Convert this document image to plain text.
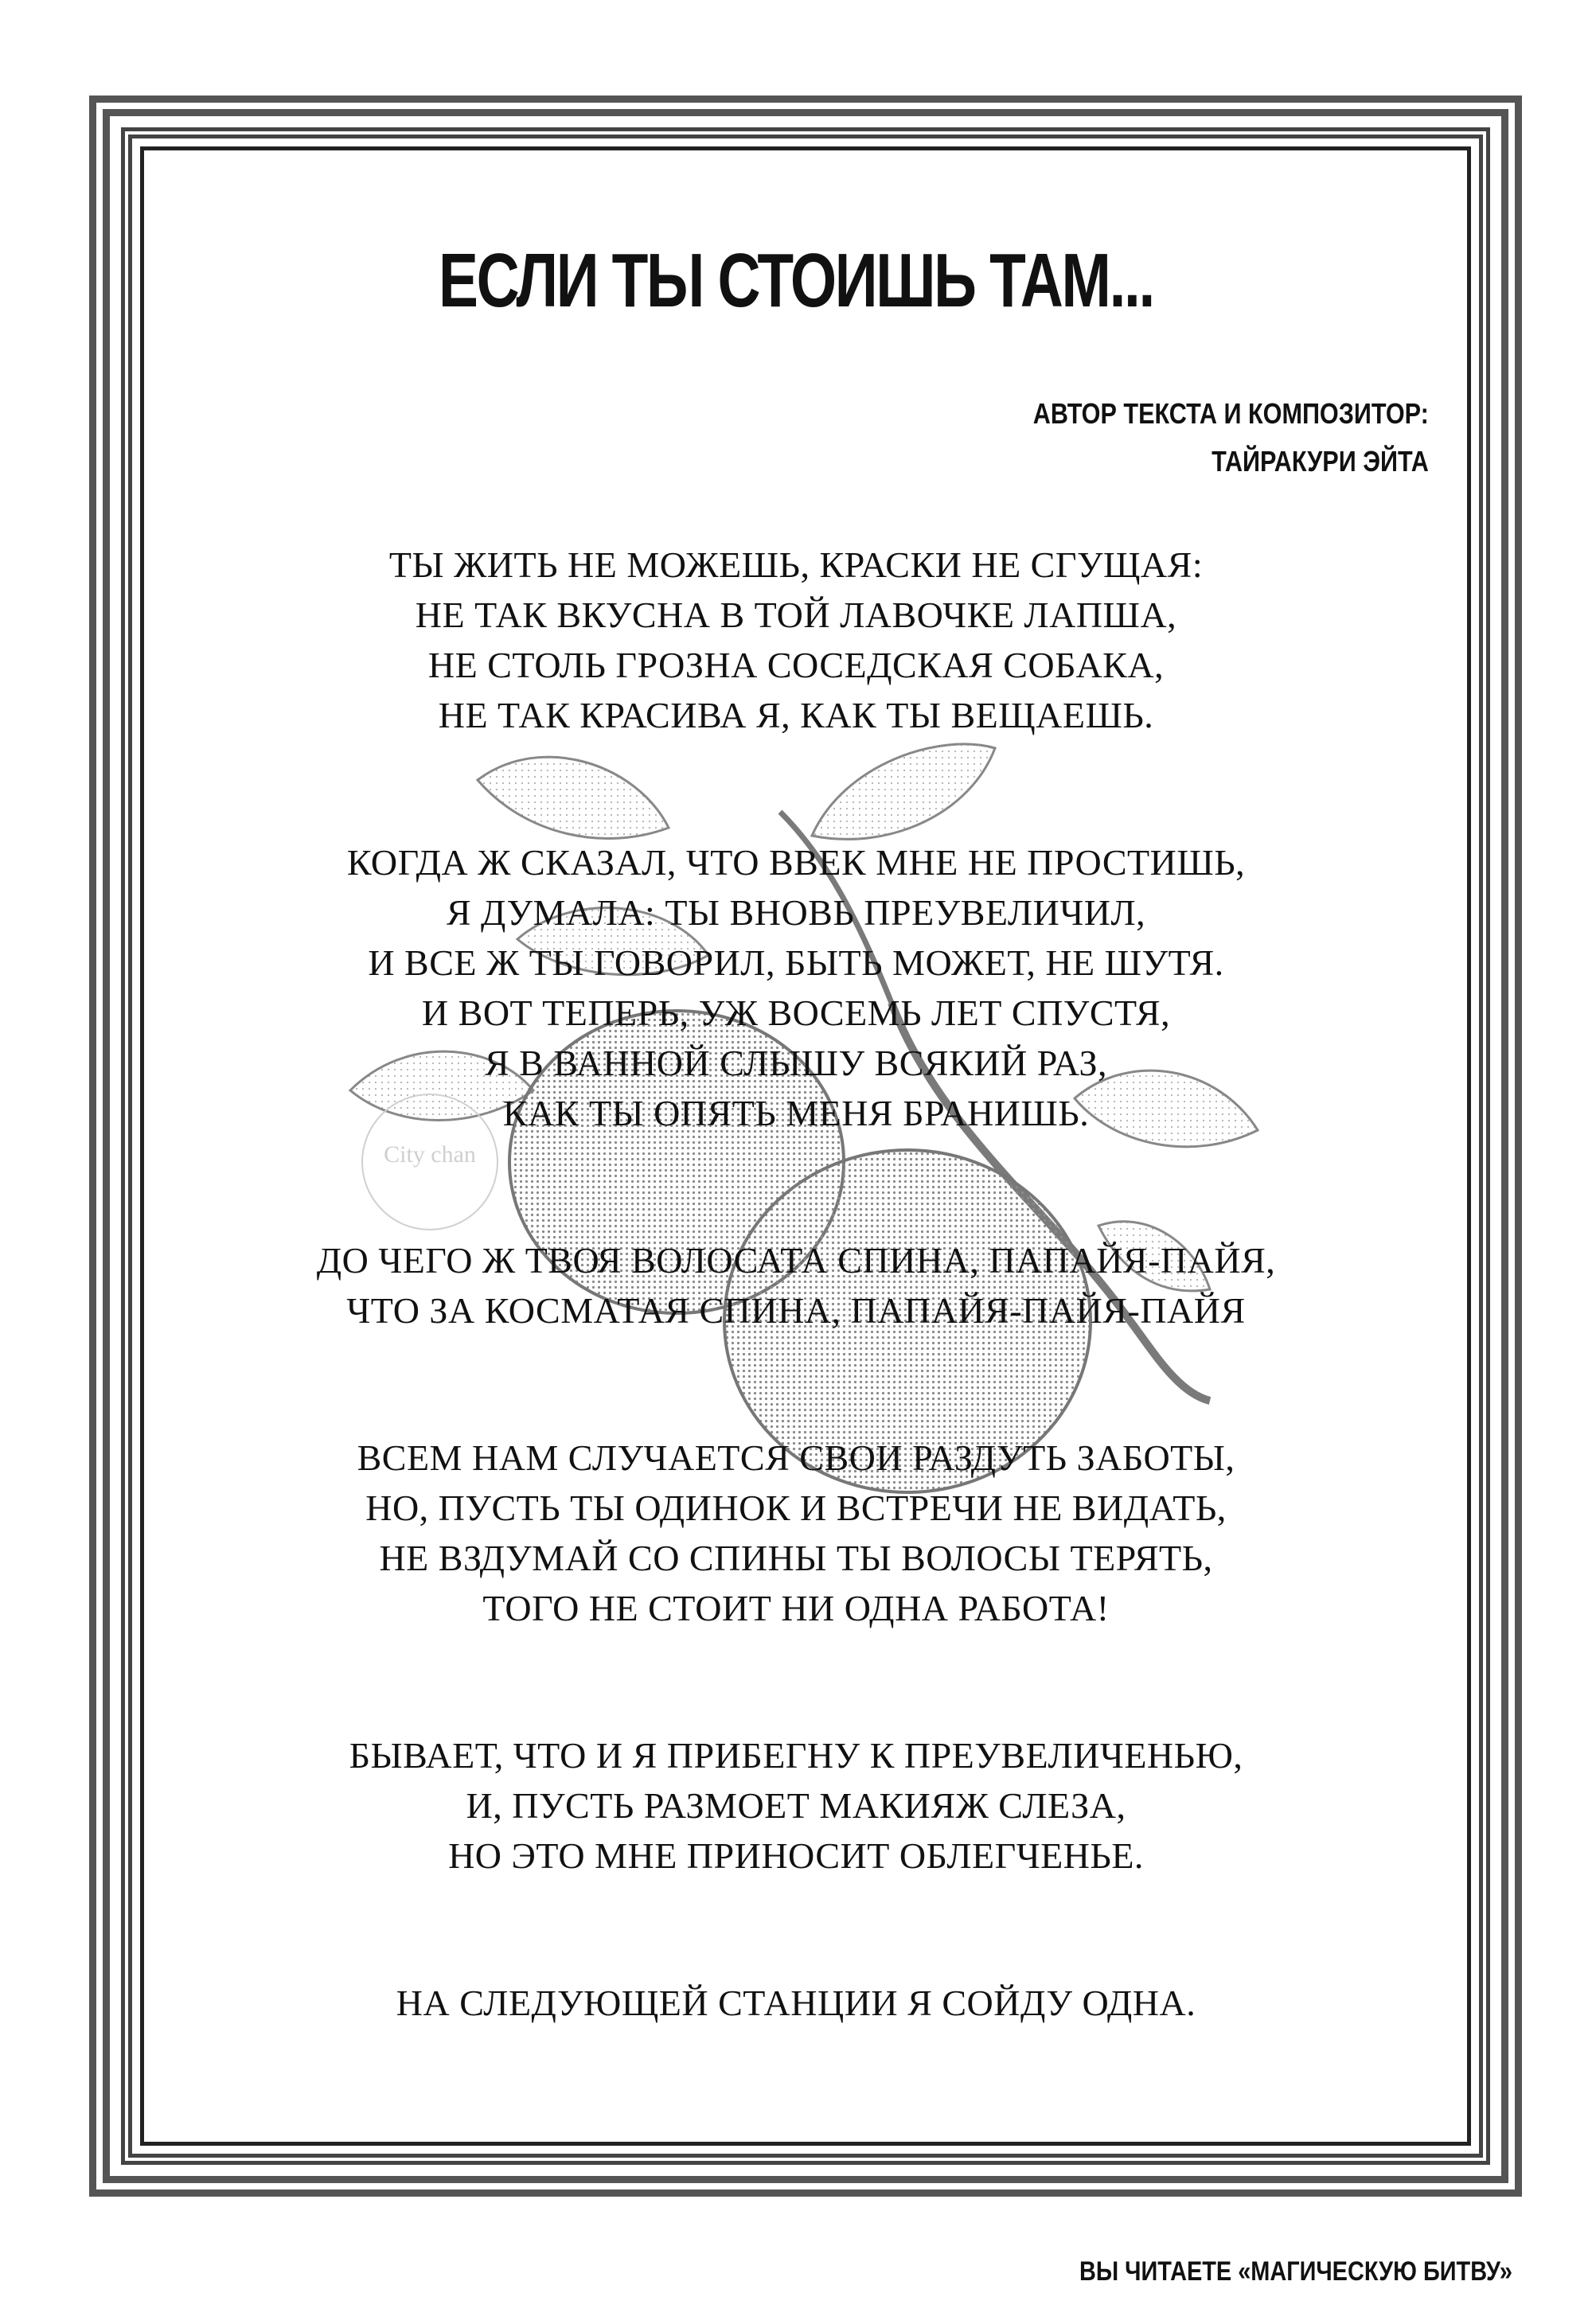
City chan
ЕСЛИ ТЫ СТОИШЬ ТАМ...
АВТОР ТЕКСТА И КОМПОЗИТОР:
ТАЙРАКУРИ ЭЙТА
ТЫ ЖИТЬ НЕ МОЖЕШЬ, КРАСКИ НЕ СГУЩАЯ:
НЕ ТАК ВКУСНА В ТОЙ ЛАВОЧКЕ ЛАПША,
НЕ СТОЛЬ ГРОЗНА СОСЕДСКАЯ СОБАКА,
НЕ ТАК КРАСИВА Я, КАК ТЫ ВЕЩАЕШЬ.
КОГДА Ж СКАЗАЛ, ЧТО ВВЕК МНЕ НЕ ПРОСТИШЬ,
Я ДУМАЛА: ТЫ ВНОВЬ ПРЕУВЕЛИЧИЛ,
И ВСЕ Ж ТЫ ГОВОРИЛ, БЫТЬ МОЖЕТ, НЕ ШУТЯ.
И ВОТ ТЕПЕРЬ, УЖ ВОСЕМЬ ЛЕТ СПУСТЯ,
Я В ВАННОЙ СЛЫШУ ВСЯКИЙ РАЗ,
КАК ТЫ ОПЯТЬ МЕНЯ БРАНИШЬ.
ДО ЧЕГО Ж ТВОЯ ВОЛОСАТА СПИНА, ПАПАЙЯ-ПАЙЯ,
ЧТО ЗА КОСМАТАЯ СПИНА, ПАПАЙЯ-ПАЙЯ-ПАЙЯ
ВСЕМ НАМ СЛУЧАЕТСЯ СВОИ РАЗДУТЬ ЗАБОТЫ,
НО, ПУСТЬ ТЫ ОДИНОК И ВСТРЕЧИ НЕ ВИДАТЬ,
НЕ ВЗДУМАЙ СО СПИНЫ ТЫ ВОЛОСЫ ТЕРЯТЬ,
ТОГО НЕ СТОИТ НИ ОДНА РАБОТА!
БЫВАЕТ, ЧТО И Я ПРИБЕГНУ К ПРЕУВЕЛИЧЕНЬЮ,
И, ПУСТЬ РАЗМОЕТ МАКИЯЖ СЛЕЗА,
НО ЭТО МНЕ ПРИНОСИТ ОБЛЕГЧЕНЬЕ.
НА СЛЕДУЮЩЕЙ СТАНЦИИ Я СОЙДУ ОДНА.
ВЫ ЧИТАЕТЕ «МАГИЧЕСКУЮ БИТВУ»
